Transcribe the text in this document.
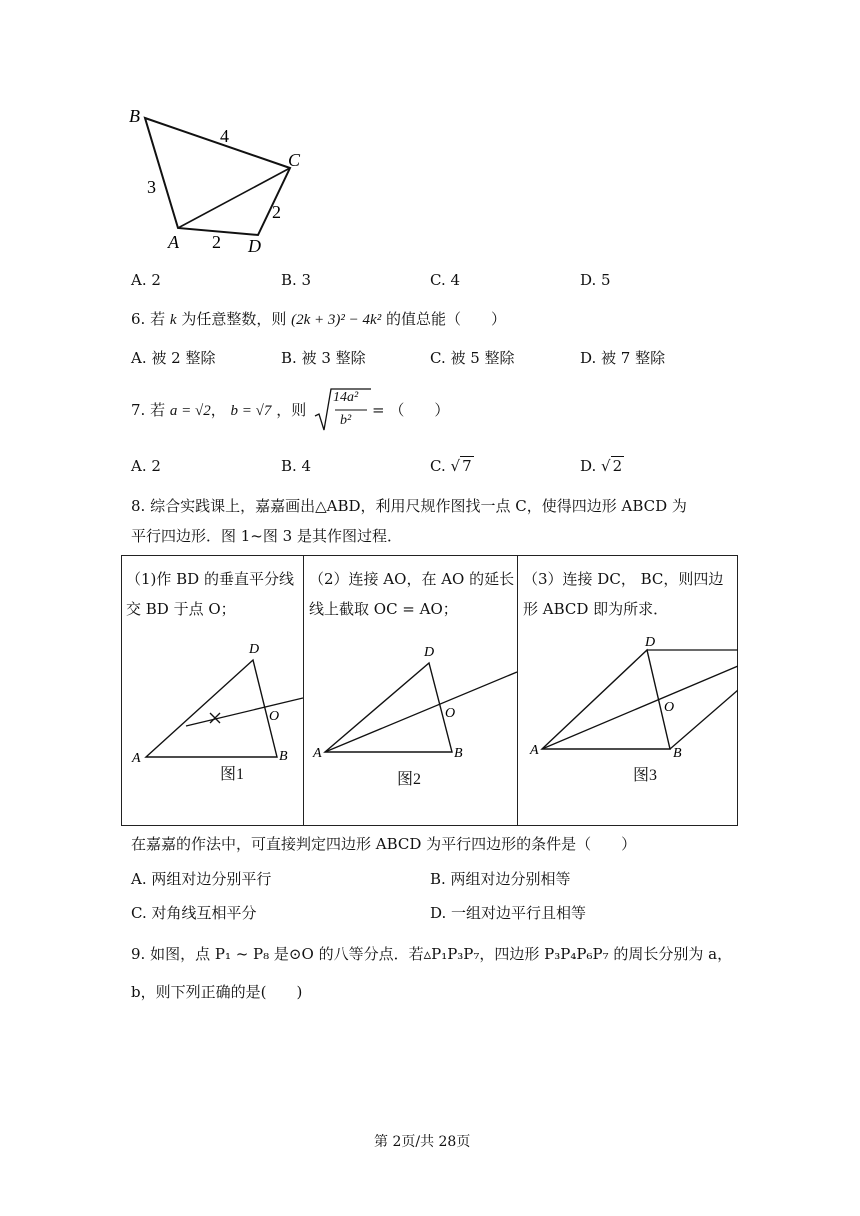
B
C
A	D
4
3
2
2
A. 2	B. 3	C. 4	D. 5
6. 若 k 为任意整数，则 (2k + 3)² − 4k² 的值总能（　　）
A. 被 2 整除	B. 被 3 整除	C. 被 5 整除	D. 被 7 整除
7. 若 a = √2， b = √7 ，则
14a²
b²
= （　　）
A. 2	B. 4	C. √ 7	D. √ 2
8. 综合实践课上，嘉嘉画出△ABD，利用尺规作图找一点 C，使得四边形 ABCD 为
平行四边形．图 1~图 3 是其作图过程．
（1)作 BD 的垂直平分线交 BD 于点 O；
（2）连接 AO，在 AO 的延长线上截取 OC = AO；
（3）连接 DC， BC，则四边形 ABCD 即为所求．
A	B
D
O
图1
A	B
D
O
图2
A	B
D
O
图3
在嘉嘉的作法中，可直接判定四边形 ABCD 为平行四边形的条件是（　　）
A. 两组对边分别平行	B. 两组对边分别相等
C. 对角线互相平分	D. 一组对边平行且相等
9. 如图，点 P₁ ~ P₈ 是⊙O 的八等分点．若▵P₁P₃P₇，四边形 P₃P₄P₆P₇ 的周长分别为 a，
b，则下列正确的是(　　)
第 2页/共 28页
